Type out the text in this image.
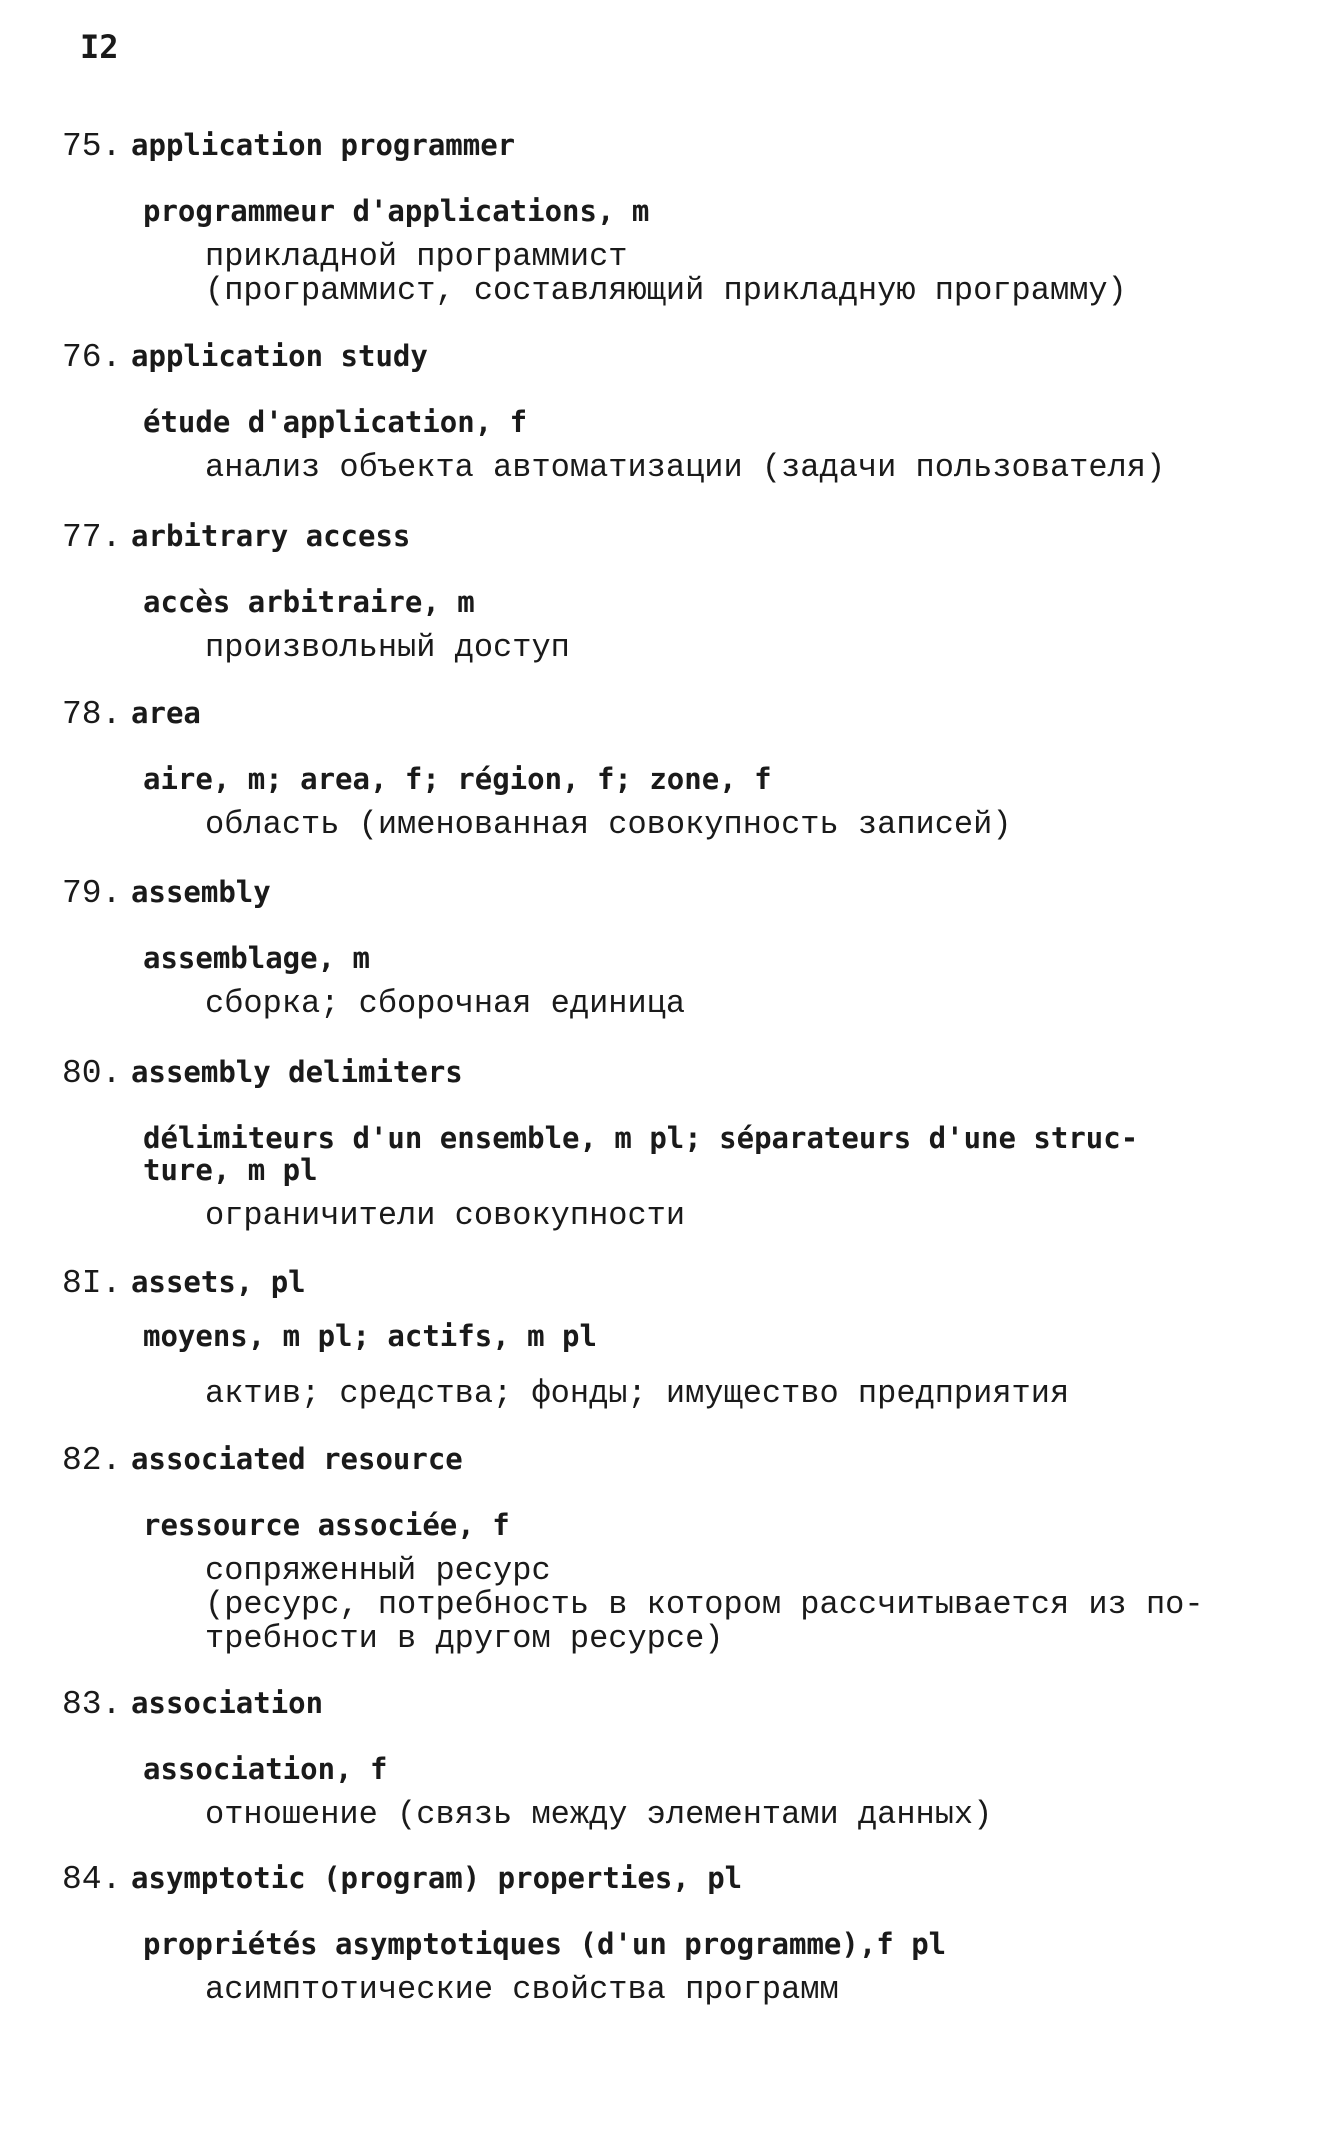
I2
75. application programmer

programmeur d'applications, m

прикладной программист
(программист, составляющий прикладную программу)

76. application study

étude d'application, f

анализ объекта автоматизации (задачи пользователя)

77. arbitrary access

accès arbitraire, m

произвольный доступ

78. area

aire, m; area, f; région, f; zone, f

область (именованная совокупность записей)

79. assembly

assemblage, m

сборка; сборочная единица

80. assembly delimiters

délimiteurs d'un ensemble, m pl; séparateurs d'une struc-
ture, m pl

ограничители совокупности

8I. assets, pl

moyens, m pl; actifs, m pl

актив; средства; фонды; имущество предприятия

82. associated resource

ressource associée, f

сопряженный ресурс
(ресурс, потребность в котором рассчитывается из по-
требности в другом ресурсе)

83. association

association, f

отношение (связь между элементами данных)

84. asymptotic (program) properties, pl

propriétés asymptotiques (d'un programme),f pl

асимптотические свойства программ
